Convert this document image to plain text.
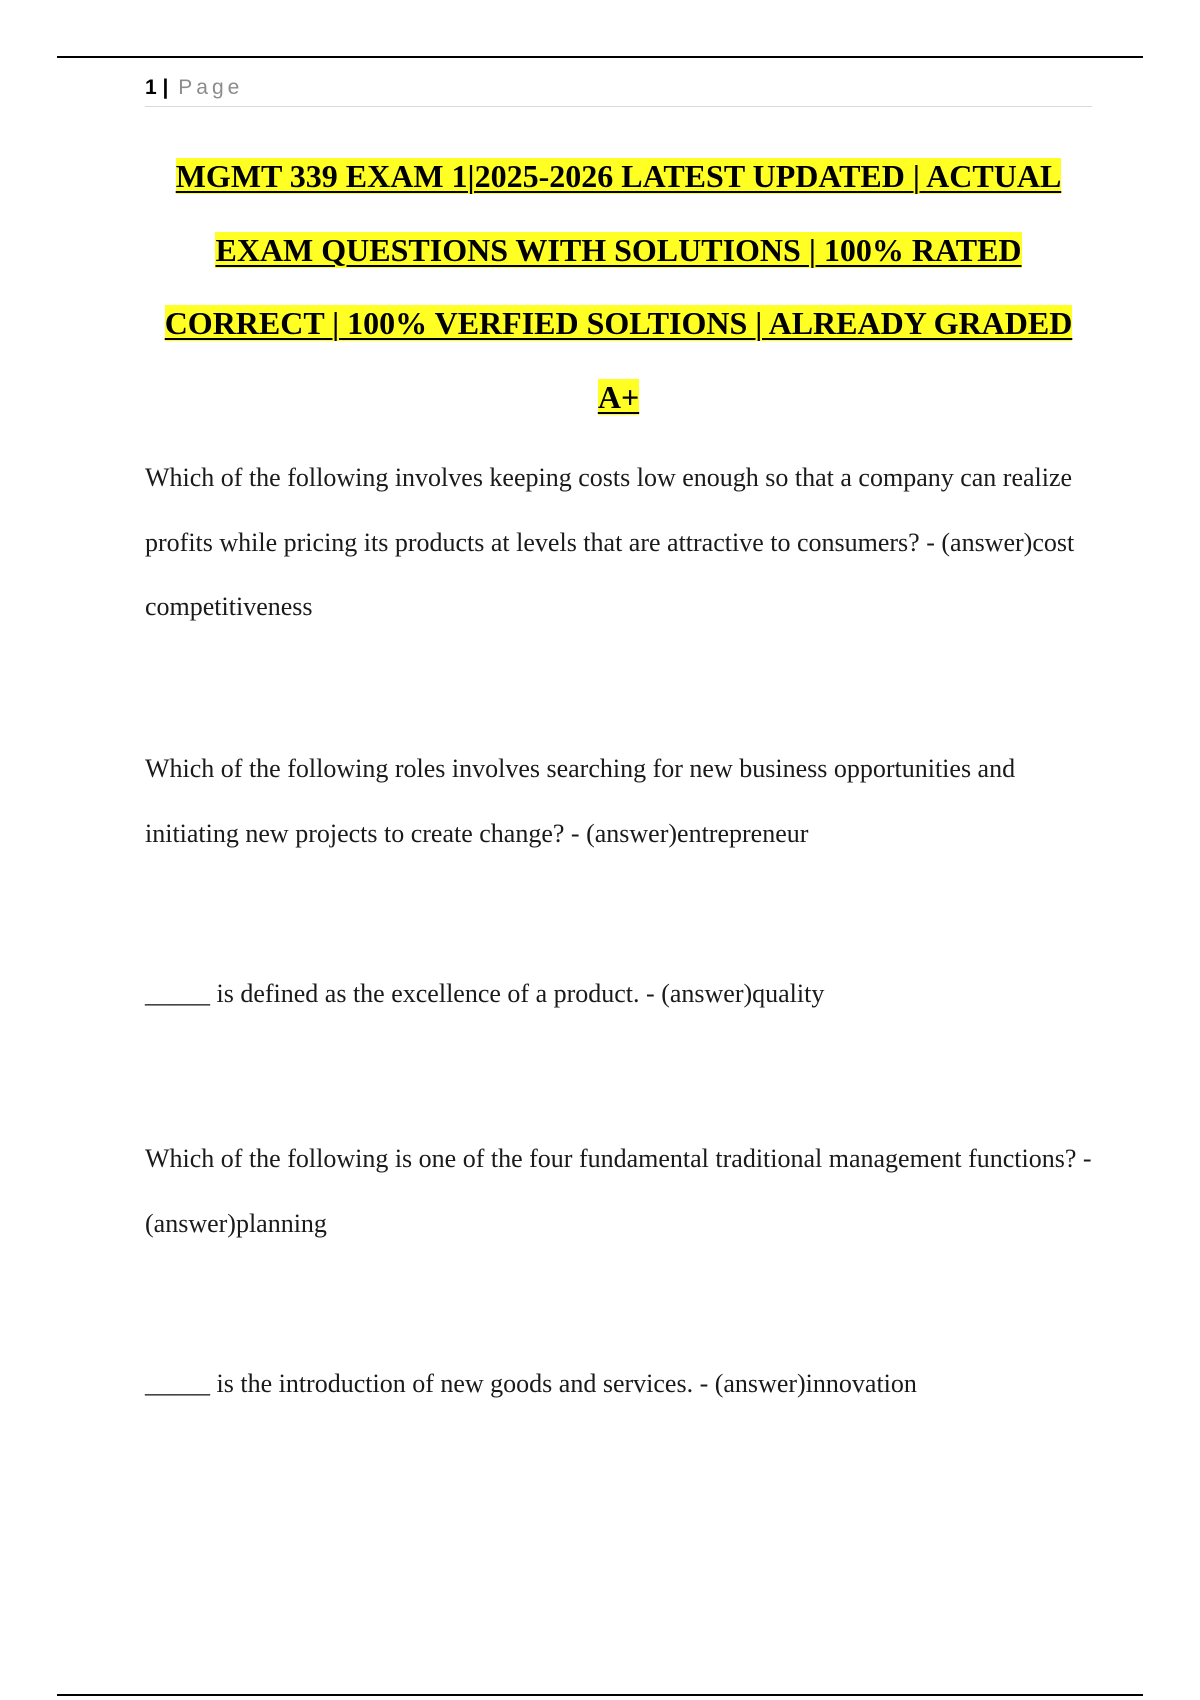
1 | Page
MGMT 339 EXAM 1|2025-2026 LATEST UPDATED | ACTUAL EXAM QUESTIONS WITH SOLUTIONS | 100% RATED CORRECT | 100% VERFIED SOLTIONS | ALREADY GRADED A+

Which of the following involves keeping costs low enough so that a company can realize profits while pricing its products at levels that are attractive to consumers? - (answer)cost competitiveness

Which of the following roles involves searching for new business opportunities and initiating new projects to create change? - (answer)entrepreneur

_____ is defined as the excellence of a product. - (answer)quality

Which of the following is one of the four fundamental traditional management functions? - (answer)planning

_____ is the introduction of new goods and services. - (answer)innovation
